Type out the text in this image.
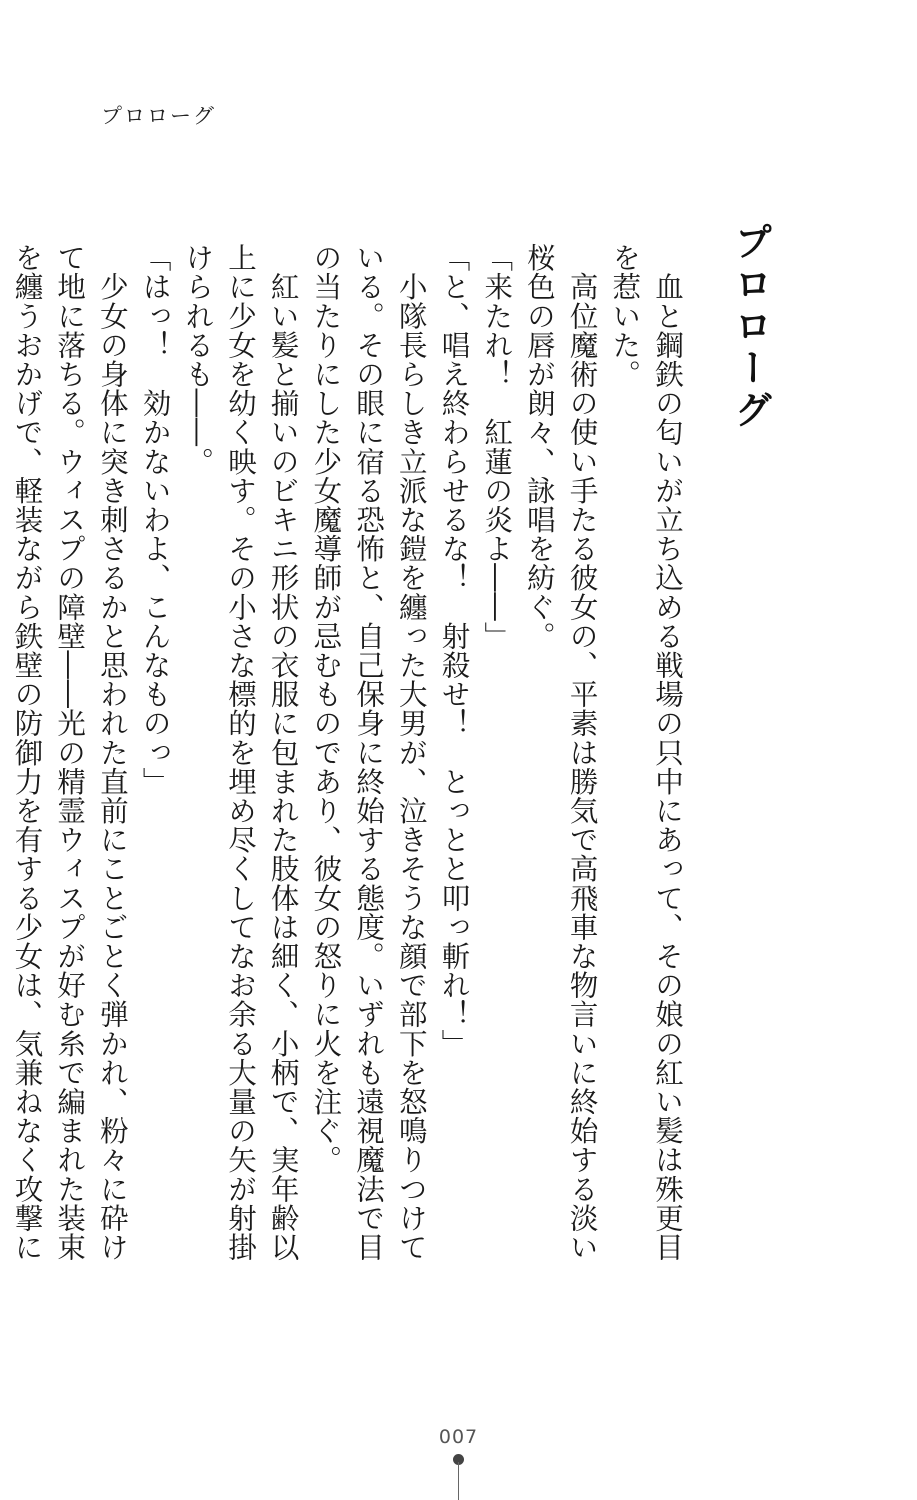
プロローグ
プロローグ

　血と鋼鉄の匂いが立ち込める戦場の只中にあって、その娘の紅い髪は殊更目を惹いた。

　高位魔術の使い手たる彼女の、平素は勝気で高飛車な物言いに終始する淡い桜色の唇が朗々、詠唱を紡ぐ。

「来たれ！　紅蓮の炎よ――」

「と、唱え終わらせるな！　射殺せ！　とっとと叩っ斬れ！」

　小隊長らしき立派な鎧を纏った大男が、泣きそうな顔で部下を怒鳴りつけている。その眼に宿る恐怖と、自己保身に終始する態度。いずれも遠視魔法で目の当たりにした少女魔導師が忌むものであり、彼女の怒りに火を注ぐ。

　紅い髪と揃いのビキニ形状の衣服に包まれた肢体は細く、小柄で、実年齢以上に少女を幼く映す。その小さな標的を埋め尽くしてなお余る大量の矢が射掛けられるも――。

「はっ！　効かないわよ、こんなものっ」

　少女の身体に突き刺さるかと思われた直前にことごとく弾かれ、粉々に砕けて地に落ちる。ウィスプの障壁――光の精霊ウィスプが好む糸で編まれた装束を纏うおかげで、軽装ながら鉄壁の防御力を有する少女は、気兼ねなく攻撃に

007
